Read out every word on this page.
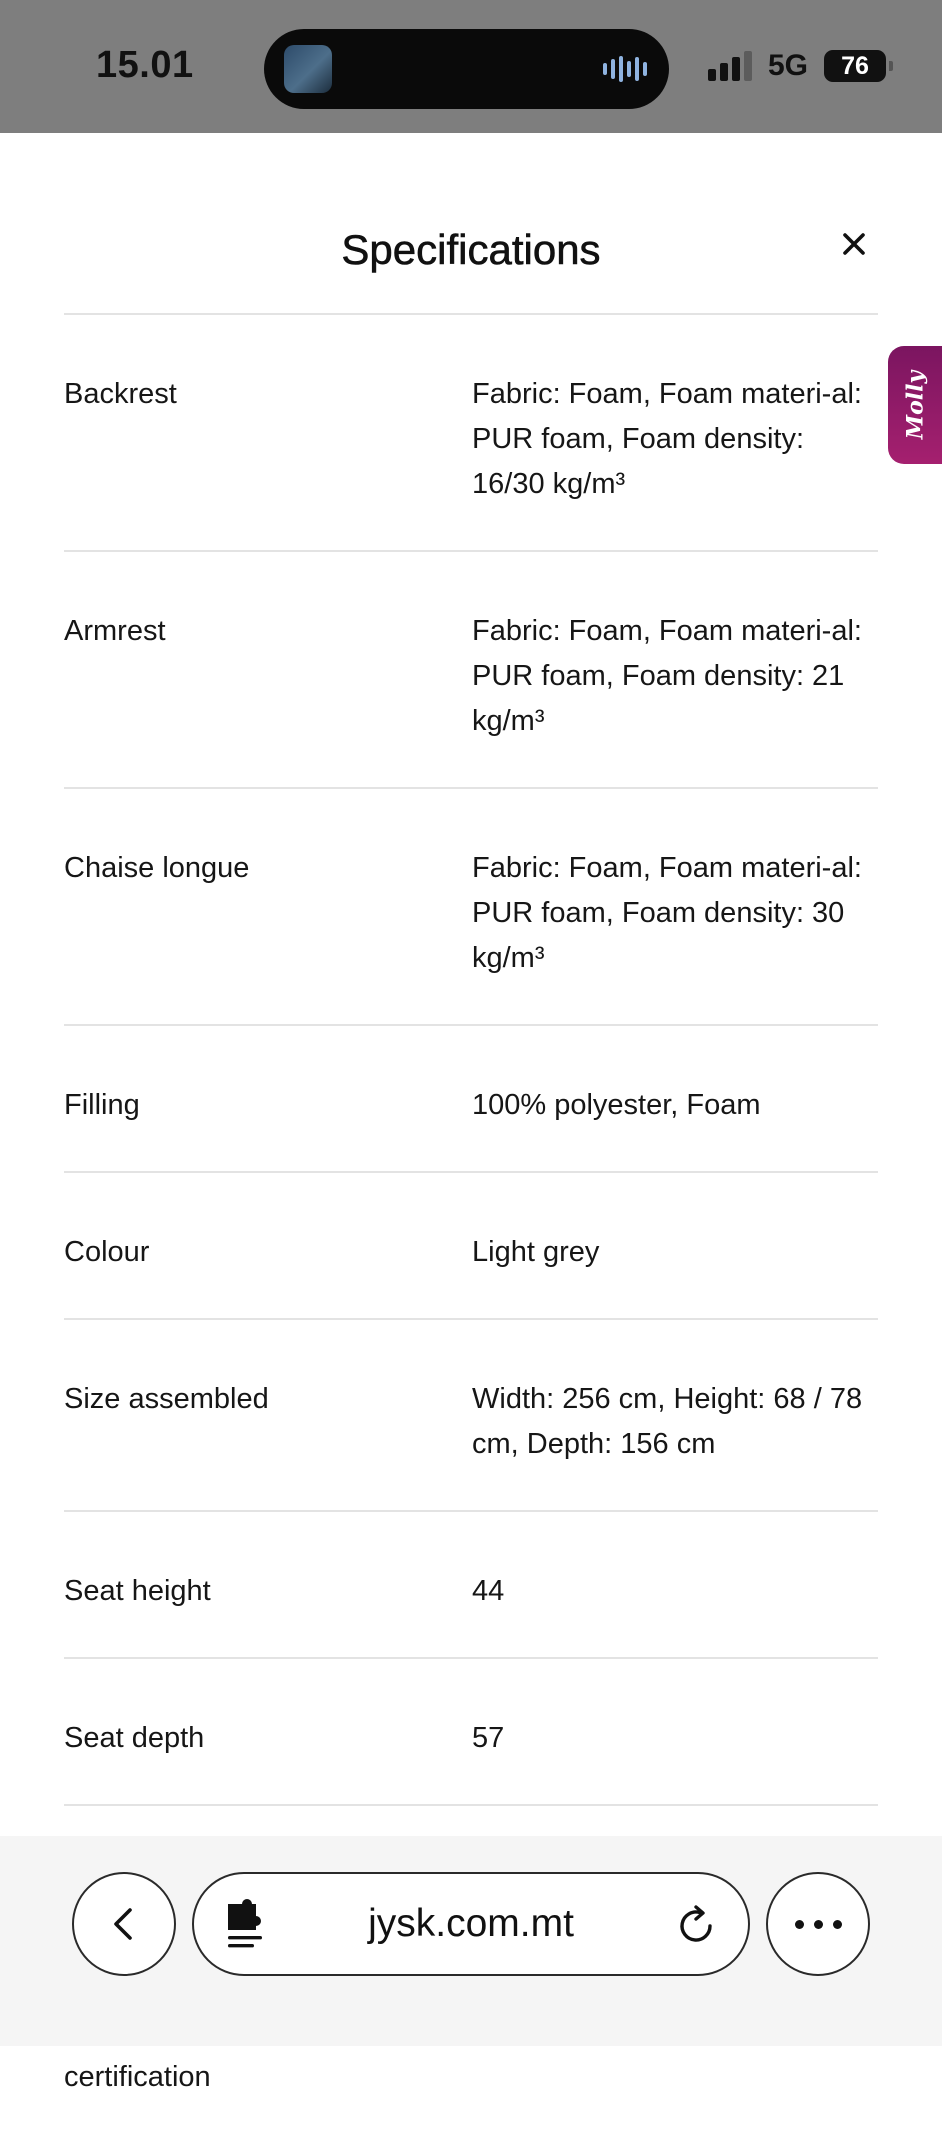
15.01	5G 76
Specifications
Molly
Backrest	Fabric: Foam, Foam materi-al: PUR foam, Foam density: 16/30 kg/m³
Armrest	Fabric: Foam, Foam materi-al: PUR foam, Foam density: 21 kg/m³
Chaise longue	Fabric: Foam, Foam materi-al: PUR foam, Foam density: 30 kg/m³
Filling	100% polyester, Foam
Colour	Light grey
Size assembled	Width: 256 cm, Height: 68 / 78 cm, Depth: 156 cm
Seat height	44
Seat depth	57
certification
jysk.com.mt
